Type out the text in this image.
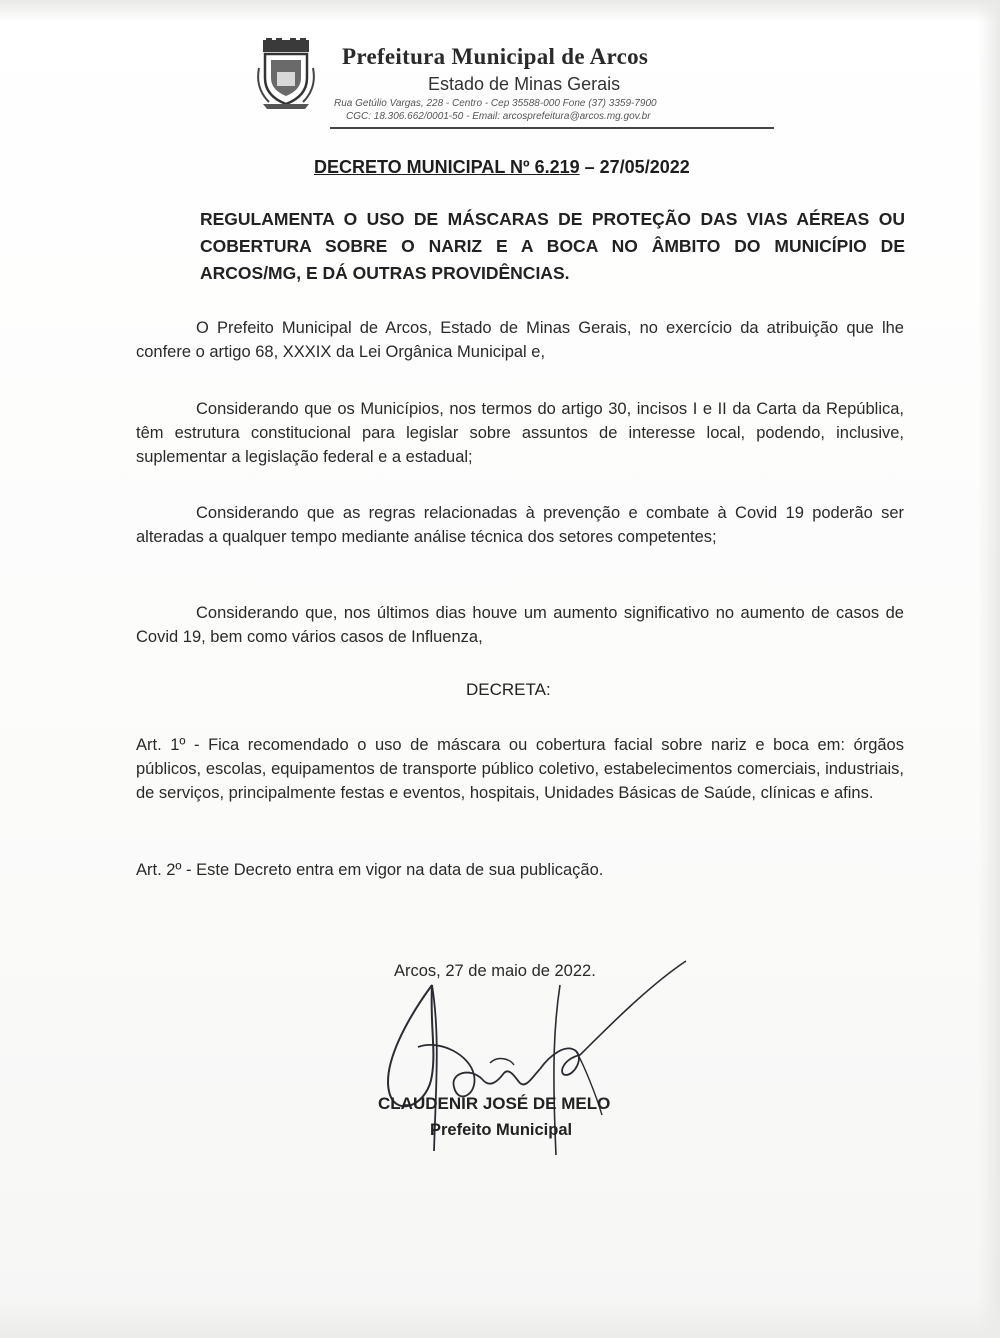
Prefeitura Municipal de Arcos
Estado de Minas Gerais
Rua Getúlio Vargas, 228 - Centro - Cep 35588-000 Fone (37) 3359-7900
CGC: 18.306.662/0001-50 - Email: arcosprefeitura@arcos.mg.gov.br
DECRETO MUNICIPAL Nº 6.219 – 27/05/2022
REGULAMENTA O USO DE MÁSCARAS DE PROTEÇÃO DAS VIAS AÉREAS OU COBERTURA SOBRE O NARIZ E A BOCA NO ÂMBITO DO MUNICÍPIO DE ARCOS/MG, E DÁ OUTRAS PROVIDÊNCIAS.
O Prefeito Municipal de Arcos, Estado de Minas Gerais, no exercício da atribuição que lhe confere o artigo 68, XXXIX da Lei Orgânica Municipal e,
Considerando que os Municípios, nos termos do artigo 30, incisos I e II da Carta da República, têm estrutura constitucional para legislar sobre assuntos de interesse local, podendo, inclusive, suplementar a legislação federal e a estadual;
Considerando que as regras relacionadas à prevenção e combate à Covid 19 poderão ser alteradas a qualquer tempo mediante análise técnica dos setores competentes;
Considerando que, nos últimos dias houve um aumento significativo no aumento de casos de Covid 19, bem como vários casos de Influenza,
DECRETA:
Art. 1º - Fica recomendado o uso de máscara ou cobertura facial sobre nariz e boca em: órgãos públicos, escolas, equipamentos de transporte público coletivo, estabelecimentos comerciais, industriais, de serviços, principalmente festas e eventos, hospitais, Unidades Básicas de Saúde, clínicas e afins.
Art. 2º - Este Decreto entra em vigor na data de sua publicação.
Arcos, 27 de maio de 2022.
CLAUDENIR JOSÉ DE MELO
Prefeito Municipal
